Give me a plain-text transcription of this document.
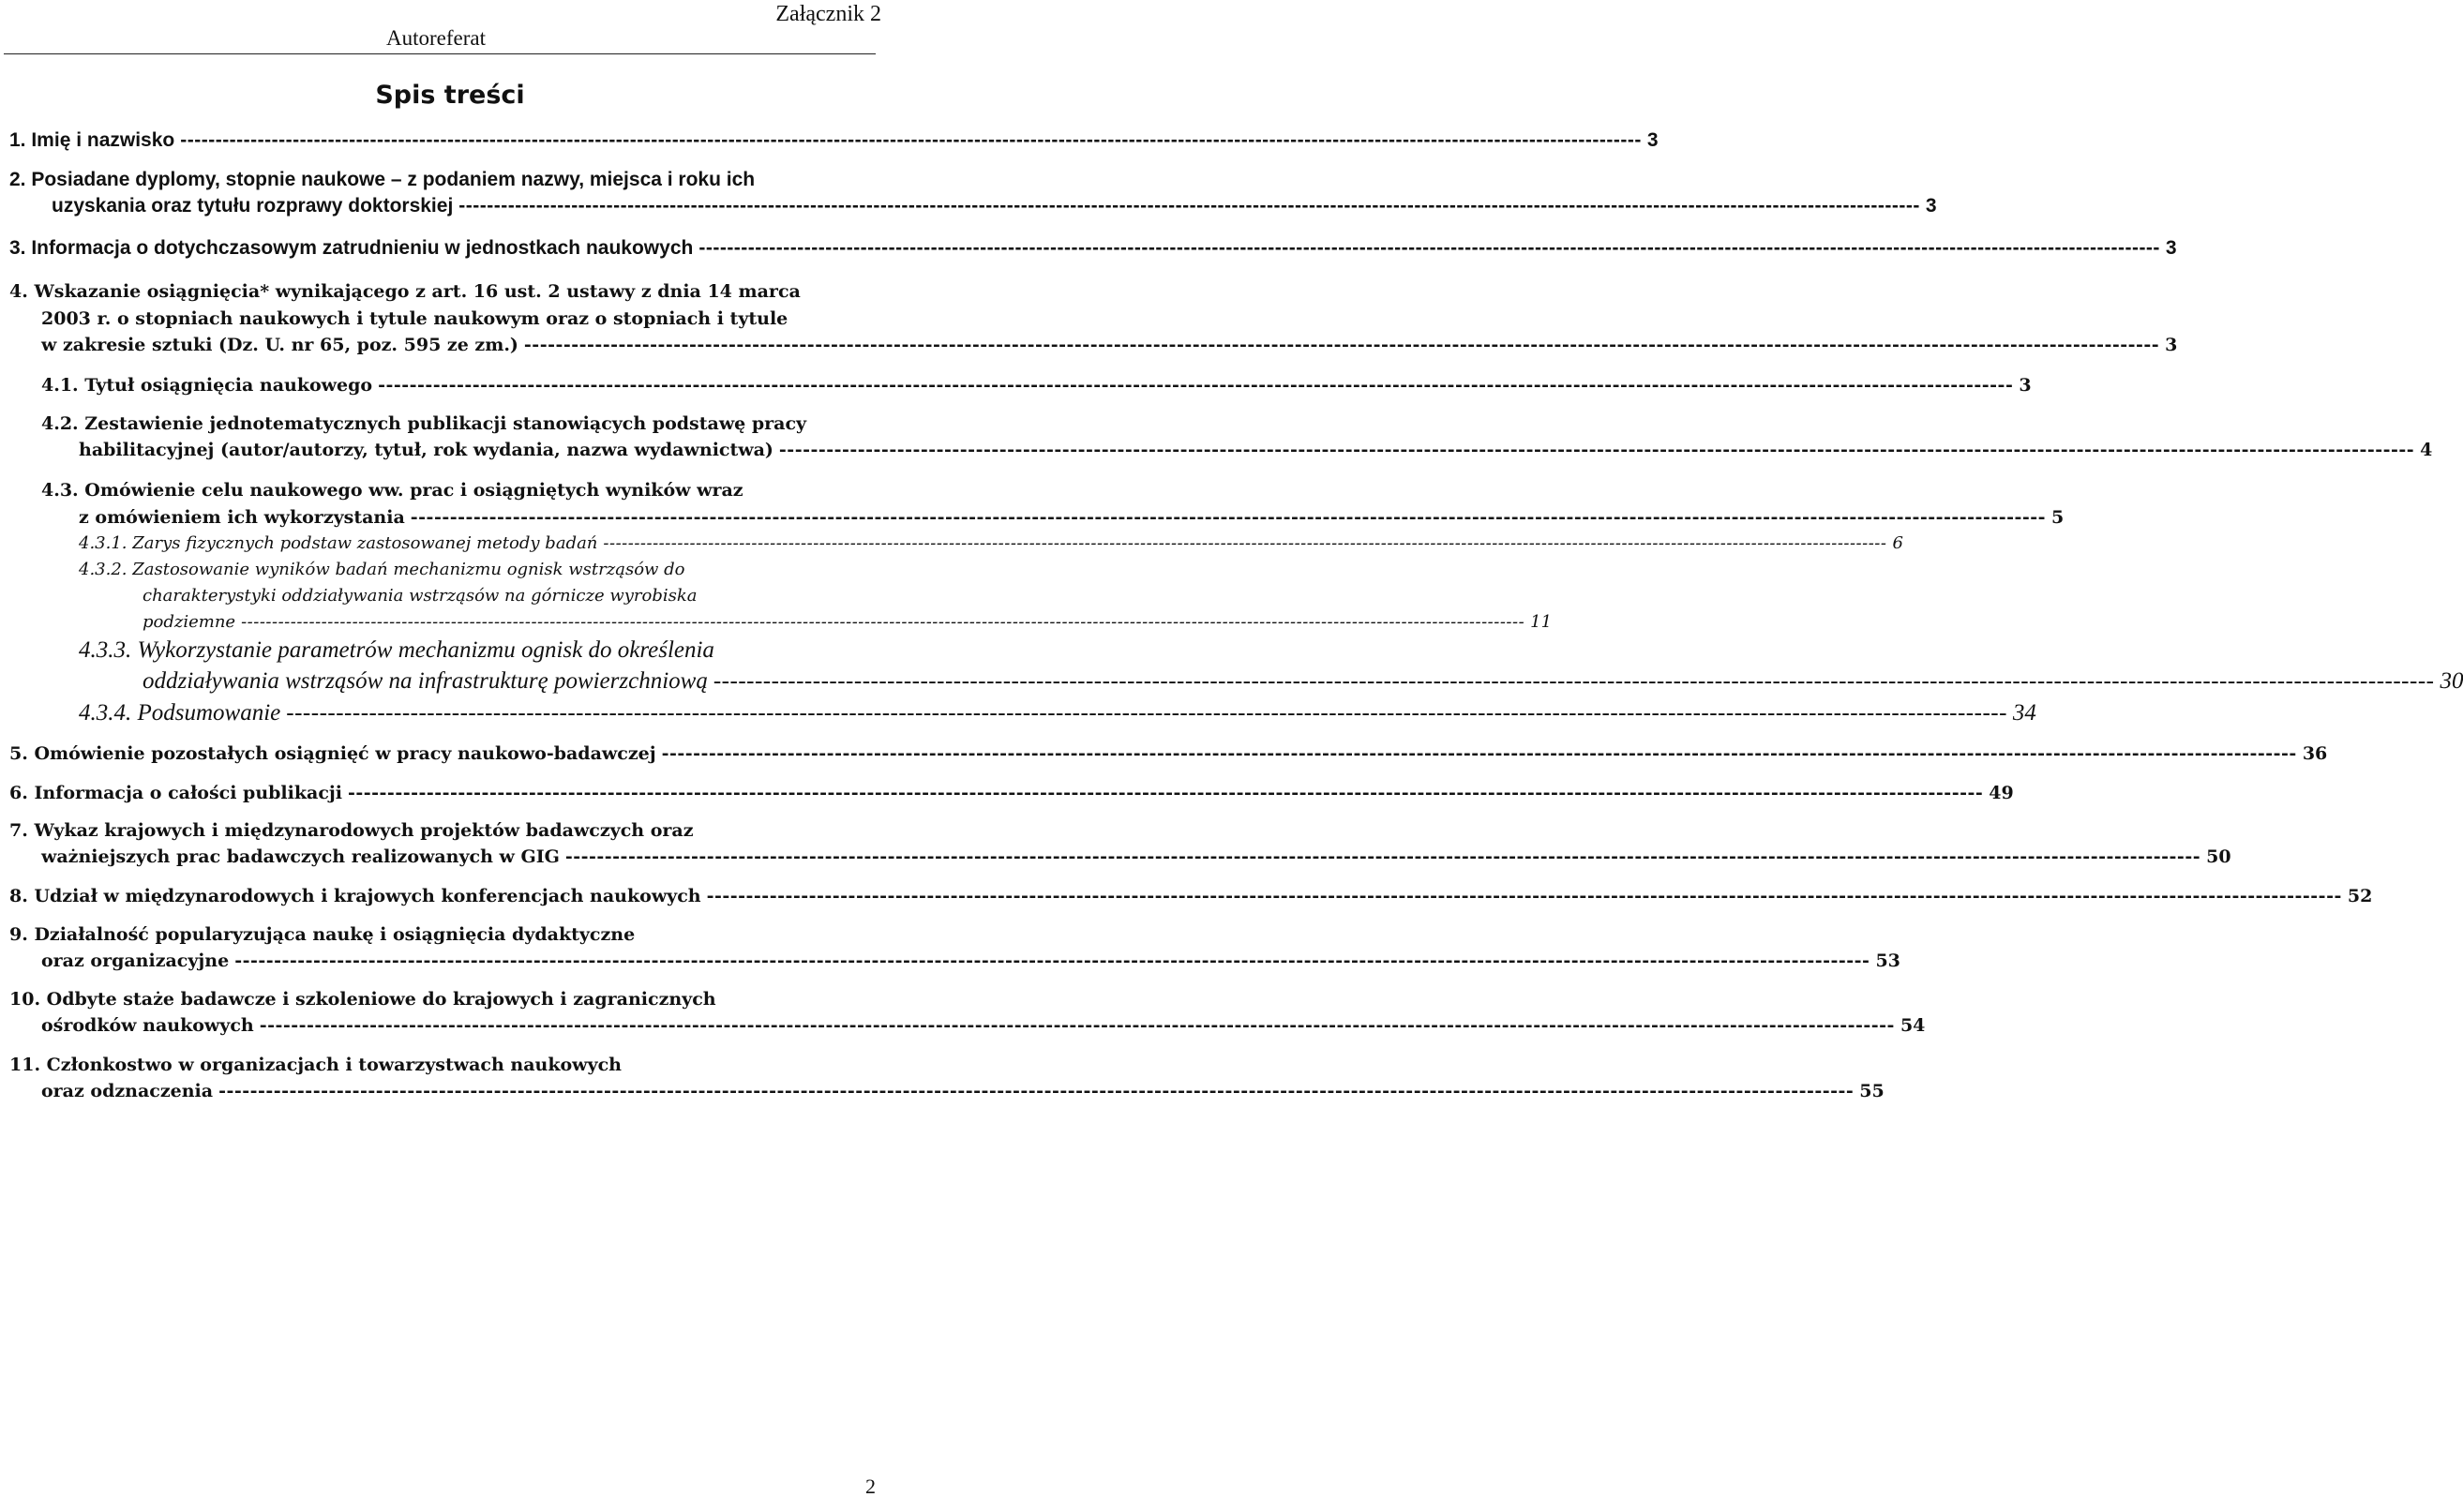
Załącznik 2
Autoreferat
Spis treści
1. Imię i nazwisko ---------------------------------------------------------------------------------------------------------------------------------------------------------------------------------------------------------------- 3
2. Posiadane dyplomy, stopnie naukowe – z podaniem nazwy, miejsca i roku ich
uzyskania oraz tytułu rozprawy doktorskiej ---------------------------------------------------------------------------------------------------------------------------------------------------------------------------------------------------------------- 3
3. Informacja o dotychczasowym zatrudnieniu w jednostkach naukowych ---------------------------------------------------------------------------------------------------------------------------------------------------------------------------------------------------------------- 3
4. Wskazanie osiągnięcia* wynikającego z art. 16 ust. 2 ustawy z dnia 14 marca
2003 r. o stopniach naukowych i tytule naukowym oraz o stopniach i tytule
w zakresie sztuki (Dz. U. nr 65, poz. 595 ze zm.) ---------------------------------------------------------------------------------------------------------------------------------------------------------------------------------------------------------------- 3
4.1. Tytuł osiągnięcia naukowego ---------------------------------------------------------------------------------------------------------------------------------------------------------------------------------------------------------------- 3
4.2. Zestawienie jednotematycznych publikacji stanowiących podstawę pracy
habilitacyjnej (autor/autorzy, tytuł, rok wydania, nazwa wydawnictwa) ---------------------------------------------------------------------------------------------------------------------------------------------------------------------------------------------------------------- 4
4.3. Omówienie celu naukowego ww. prac i osiągniętych wyników wraz
z omówieniem ich wykorzystania ---------------------------------------------------------------------------------------------------------------------------------------------------------------------------------------------------------------- 5
4.3.1. Zarys fizycznych podstaw zastosowanej metody badań ---------------------------------------------------------------------------------------------------------------------------------------------------------------------------------------------------------------- 6
4.3.2. Zastosowanie wyników badań mechanizmu ognisk wstrząsów do
charakterystyki oddziaływania wstrząsów na górnicze wyrobiska
podziemne ---------------------------------------------------------------------------------------------------------------------------------------------------------------------------------------------------------------- 11
4.3.3. Wykorzystanie parametrów mechanizmu ognisk do określenia
oddziaływania wstrząsów na infrastrukturę powierzchniową ---------------------------------------------------------------------------------------------------------------------------------------------------------------------------------------------------------------- 30
4.3.4. Podsumowanie ---------------------------------------------------------------------------------------------------------------------------------------------------------------------------------------------------------------- 34
5. Omówienie pozostałych osiągnięć w pracy naukowo-badawczej ---------------------------------------------------------------------------------------------------------------------------------------------------------------------------------------------------------------- 36
6. Informacja o całości publikacji ---------------------------------------------------------------------------------------------------------------------------------------------------------------------------------------------------------------- 49
7. Wykaz krajowych i międzynarodowych projektów badawczych oraz
ważniejszych prac badawczych realizowanych w GIG ---------------------------------------------------------------------------------------------------------------------------------------------------------------------------------------------------------------- 50
8. Udział w międzynarodowych i krajowych konferencjach naukowych ---------------------------------------------------------------------------------------------------------------------------------------------------------------------------------------------------------------- 52
9. Działalność popularyzująca naukę i osiągnięcia dydaktyczne
oraz organizacyjne ---------------------------------------------------------------------------------------------------------------------------------------------------------------------------------------------------------------- 53
10. Odbyte staże badawcze i szkoleniowe do krajowych i zagranicznych
ośrodków naukowych ---------------------------------------------------------------------------------------------------------------------------------------------------------------------------------------------------------------- 54
11. Członkostwo w organizacjach i towarzystwach naukowych
oraz odznaczenia ---------------------------------------------------------------------------------------------------------------------------------------------------------------------------------------------------------------- 55
2
